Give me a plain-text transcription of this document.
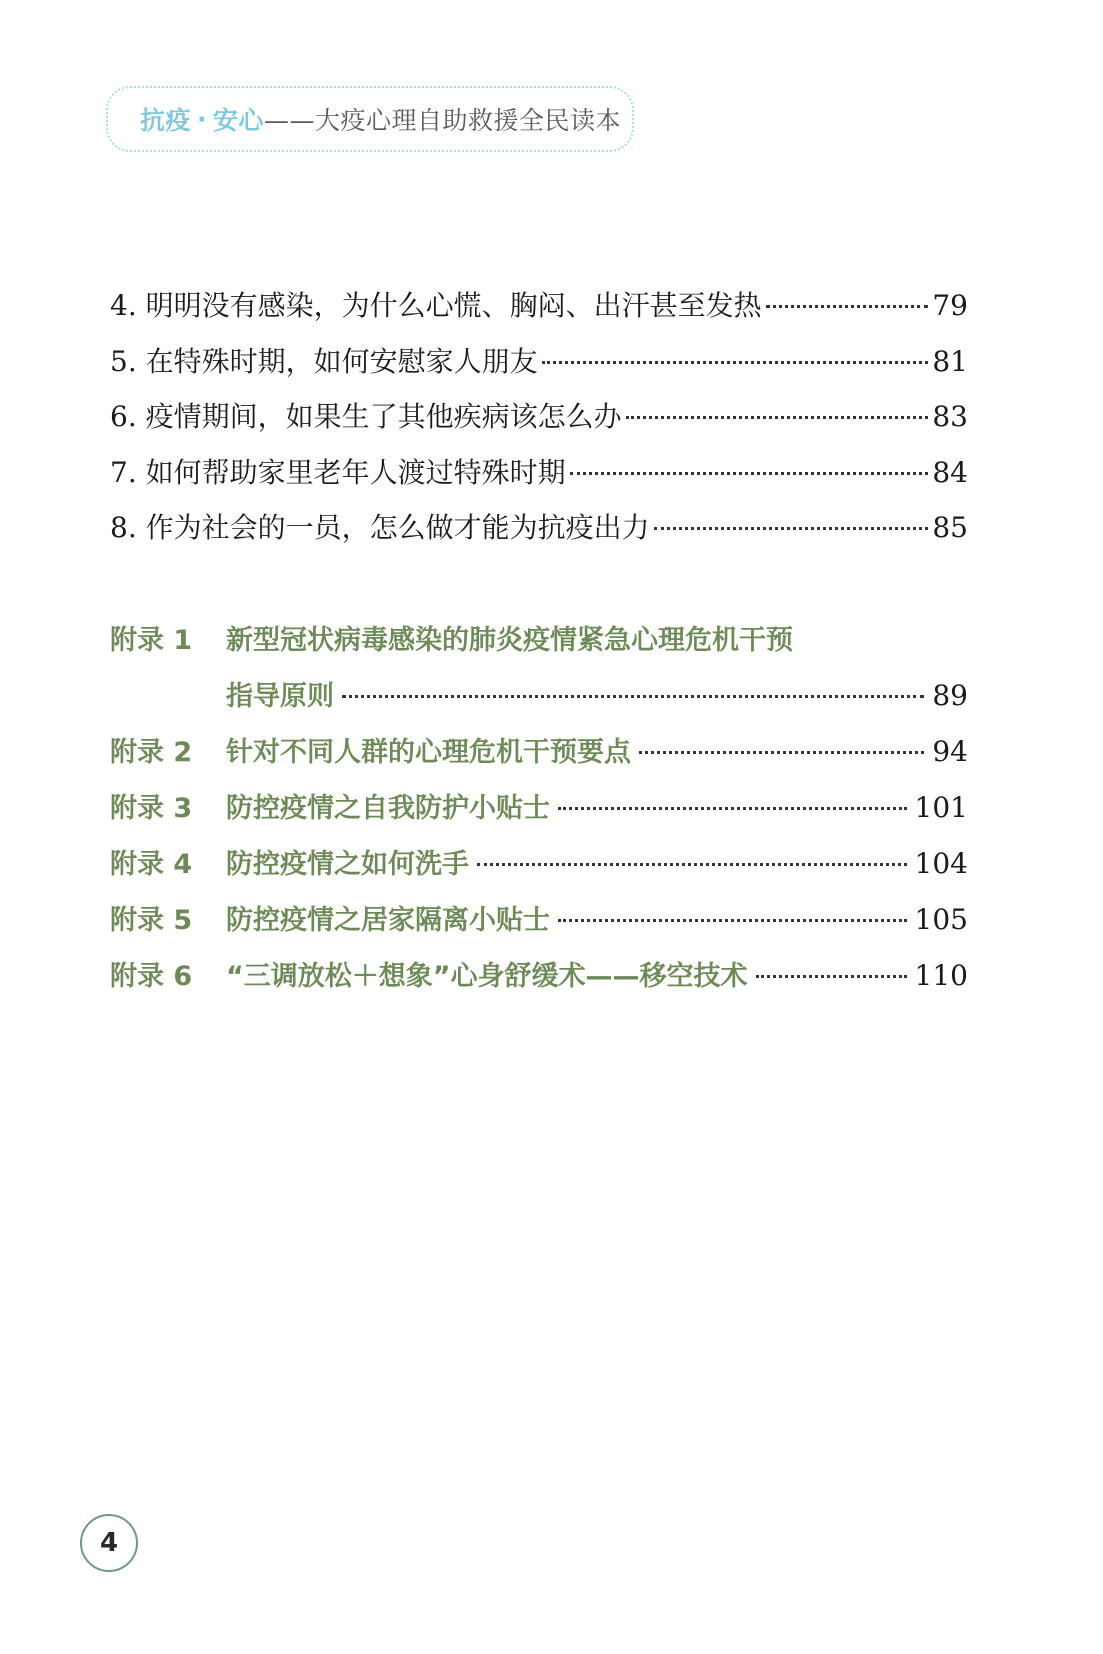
抗疫 · 安心 ——大疫心理自助救援全民读本
4. 明明没有感染，为什么心慌、胸闷、出汗甚至发热	79
5. 在特殊时期，如何安慰家人朋友	81
6. 疫情期间，如果生了其他疾病该怎么办	83
7. 如何帮助家里老年人渡过特殊时期	84
8. 作为社会的一员，怎么做才能为抗疫出力	85
附录 1	新型冠状病毒感染的肺炎疫情紧急心理危机干预
指导原则	89
附录 2	针对不同人群的心理危机干预要点	94
附录 3	防控疫情之自我防护小贴士	101
附录 4	防控疫情之如何洗手	104
附录 5	防控疫情之居家隔离小贴士	105
附录 6	“三调放松＋想象”心身舒缓术——移空技术	110
4
